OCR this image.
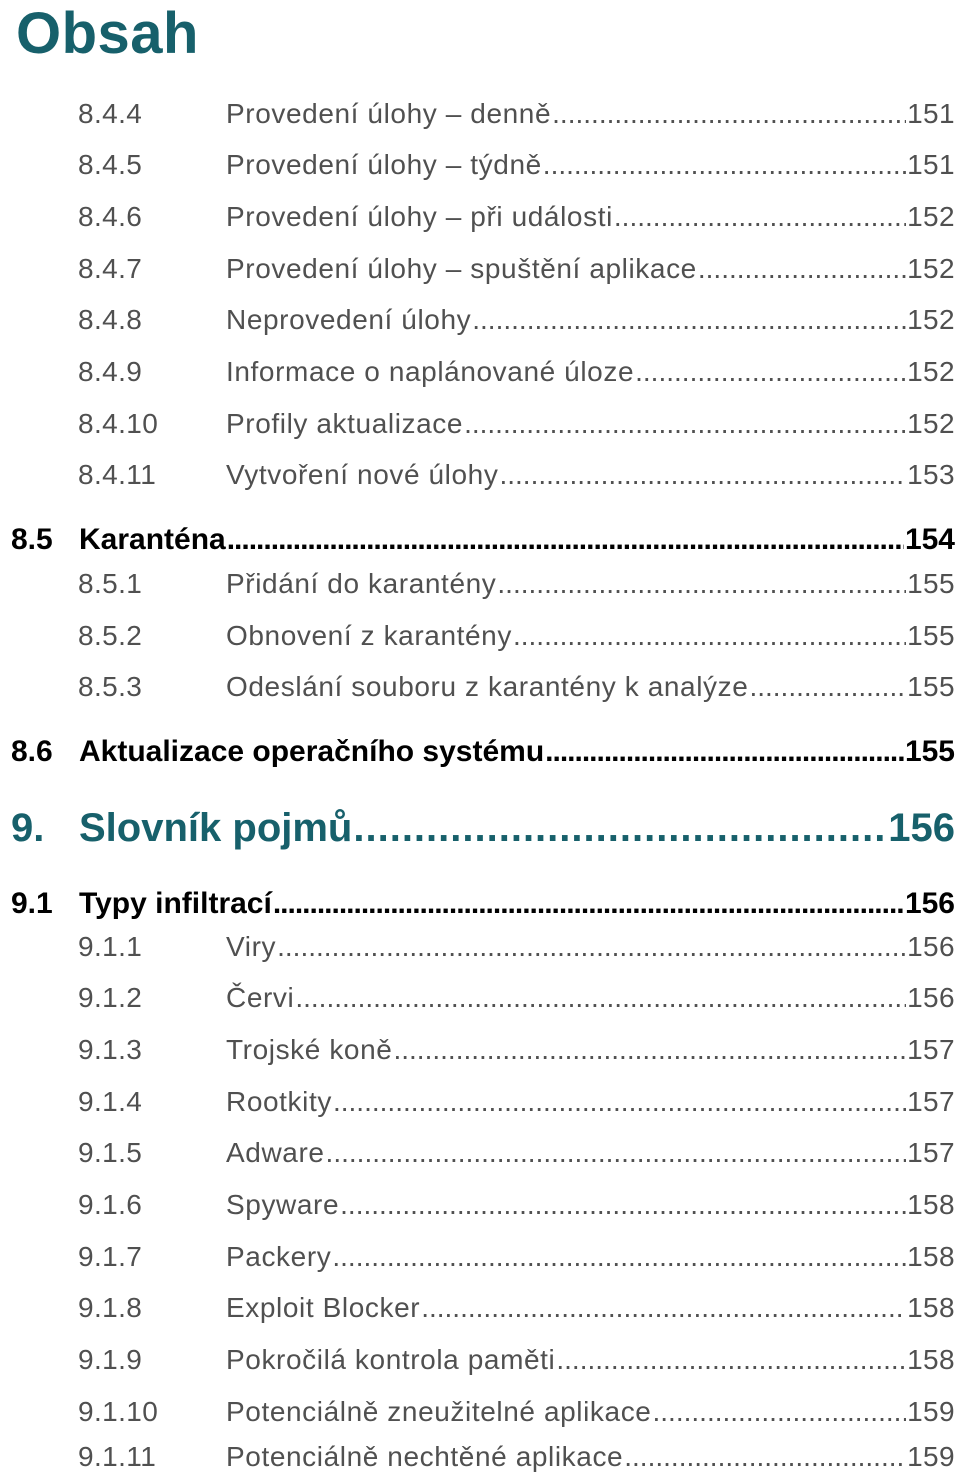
Obsah
8.4.4	Provedení úlohy – denně .....	151
8.4.5	Provedení úlohy – týdně .....	151
8.4.6	Provedení úlohy – při události .....	152
8.4.7	Provedení úlohy – spuštění aplikace .....	152
8.4.8	Neprovedení úlohy .....	152
8.4.9	Informace o naplánované úloze .....	152
8.4.10	Profily aktualizace .....	152
8.4.11	Vytvoření nové úlohy .....	153
8.5 Karanténa .....	154
8.5.1	Přidání do karantény .....	155
8.5.2	Obnovení z karantény .....	155
8.5.3	Odeslání souboru z karantény k analýze .....	155
8.6 Aktualizace operačního systému .....	155
9. Slovník pojmů .....	156
9.1 Typy infiltrací .....	156
9.1.1	Viry .....	156
9.1.2	Červi .....	156
9.1.3	Trojské koně .....	157
9.1.4	Rootkity .....	157
9.1.5	Adware .....	157
9.1.6	Spyware .....	158
9.1.7	Packery .....	158
9.1.8	Exploit Blocker .....	158
9.1.9	Pokročilá kontrola paměti .....	158
9.1.10	Potenciálně zneužitelné aplikace .....	159
9.1.11	Potenciálně nechtěné aplikace .....	159
